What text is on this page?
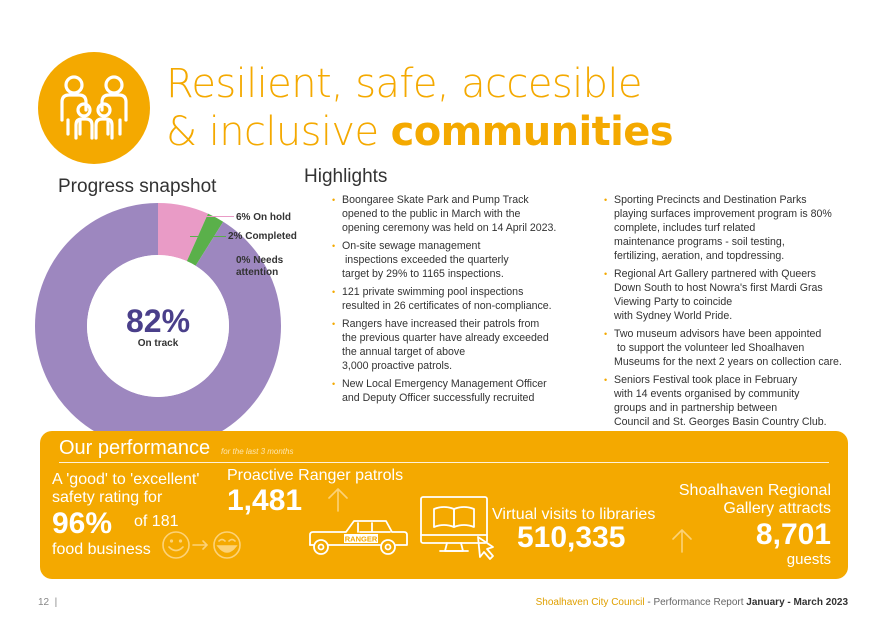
Resilient, safe, accesible
& inclusive communities
Progress snapshot
82%
On track
6% On hold
2% Completed
0% Needs
attention
Highlights
• Boongaree Skate Park and Pump Track
opened to the public in March with the
opening ceremony was held on 14 April 2023.
• On-site sewage management
inspections exceeded the quarterly
target by 29% to 1165 inspections.
• 121 private swimming pool inspections
resulted in 26 certificates of non-compliance.
• Rangers have increased their patrols from
the previous quarter have already exceeded
the annual target of above
3,000 proactive patrols.
• New Local Emergency Management Officer
and Deputy Officer successfully recruited
• Sporting Precincts and Destination Parks
playing surfaces improvement program is 80%
complete, includes turf related
maintenance programs - soil testing,
fertilizing, aeration, and topdressing.
• Regional Art Gallery partnered with Queers
Down South to host Nowra's first Mardi Gras
Viewing Party to coincide
with Sydney World Pride.
• Two museum advisors have been appointed
to support the volunteer led Shoalhaven
Museums for the next 2 years on collection care.
• Seniors Festival took place in February
with 14 events organised by community
groups and in partnership between
Council and St. Georges Basin Country Club.
Our performance for the last 3 months
A 'good' to 'excellent'
safety rating for
96% of 181
food business
Proactive Ranger patrols
1,481
RANGER
Virtual visits to libraries
510,335
Shoalhaven Regional
Gallery attracts
8,701
guests
12  |	Shoalhaven City Council - Performance Report January - March 2023
